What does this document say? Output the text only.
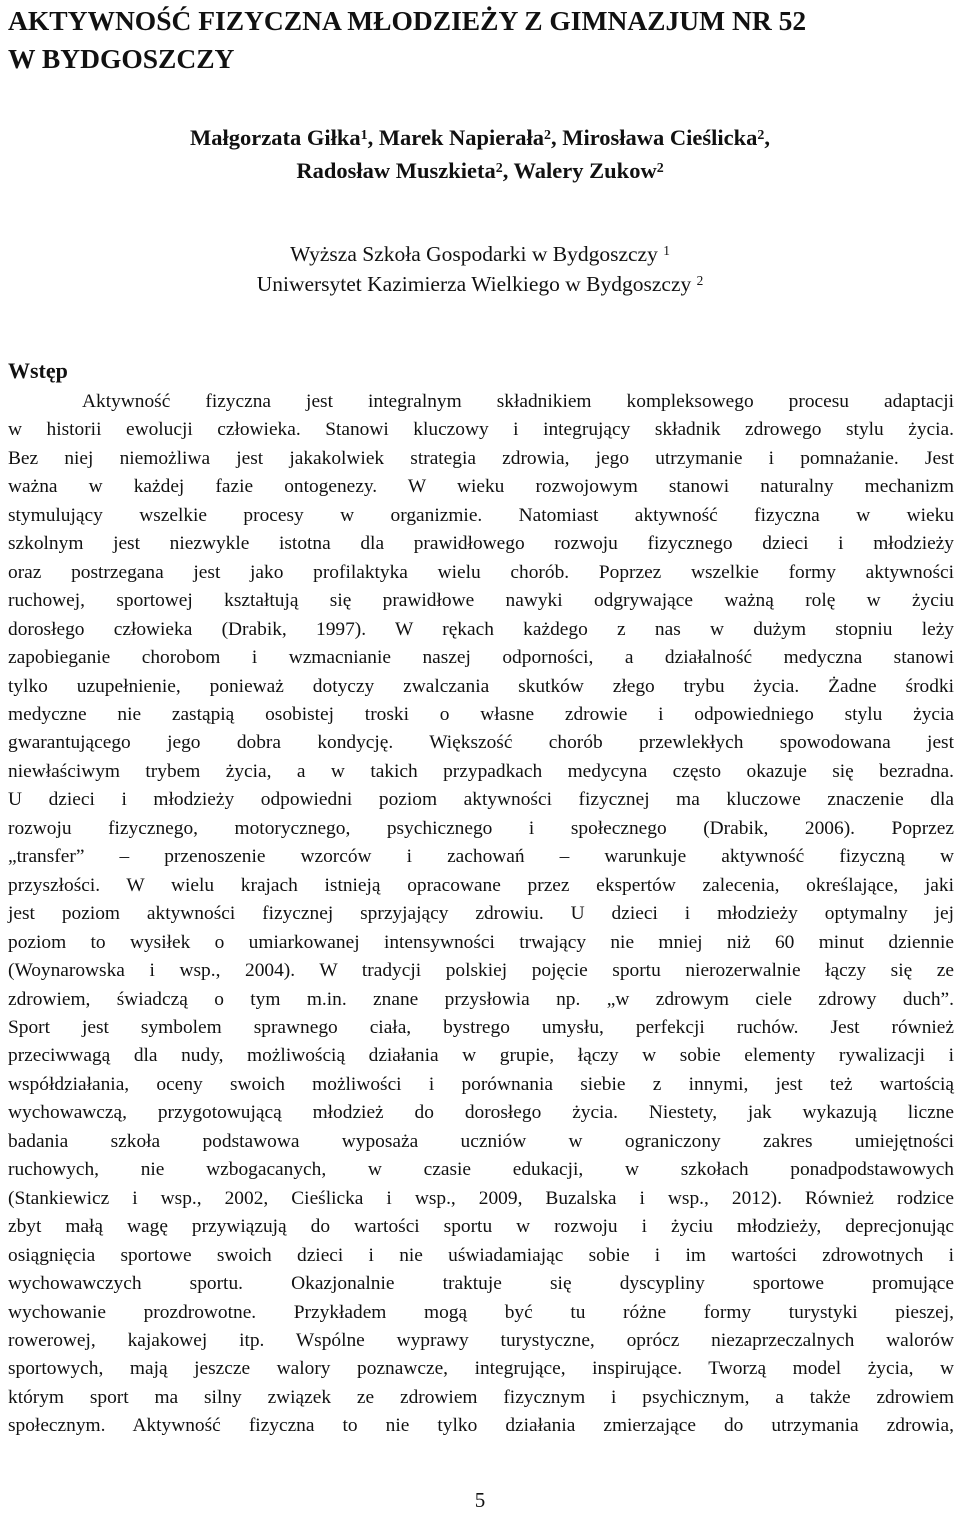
AKTYWNOŚĆ FIZYCZNA MŁODZIEŻY Z GIMNAZJUM NR 52
W BYDGOSZCZY
Małgorzata Giłka$^1$, Marek Napierała$^2$, Mirosława Cieślicka$^2$,
Radosław Muszkieta$^2$, Walery Zukow$^2$
Wyższa Szkoła Gospodarki w Bydgoszczy $^1$
Uniwersytet Kazimierza Wielkiego w Bydgoszczy $^2$
Wstęp
Aktywność fizyczna jest integralnym składnikiem kompleksowego procesu adaptacji
w historii ewolucji człowieka. Stanowi kluczowy i integrujący składnik zdrowego stylu życia.
Bez niej niemożliwa jest jakakolwiek strategia zdrowia, jego utrzymanie i pomnażanie. Jest
ważna w każdej fazie ontogenezy. W wieku rozwojowym stanowi naturalny mechanizm
stymulujący wszelkie procesy w organizmie. Natomiast aktywność fizyczna w wieku
szkolnym jest niezwykle istotna dla prawidłowego rozwoju fizycznego dzieci i młodzieży
oraz postrzegana jest jako profilaktyka wielu chorób. Poprzez wszelkie formy aktywności
ruchowej, sportowej kształtują się prawidłowe nawyki odgrywające ważną rolę w życiu
dorosłego człowieka (Drabik, 1997). W rękach każdego z nas w dużym stopniu leży
zapobieganie chorobom i wzmacnianie naszej odporności, a działalność medyczna stanowi
tylko uzupełnienie, ponieważ dotyczy zwalczania skutków złego trybu życia. Żadne środki
medyczne nie zastąpią osobistej troski o własne zdrowie i odpowiedniego stylu życia
gwarantującego jego dobra kondycję. Większość chorób przewlekłych spowodowana jest
niewłaściwym trybem życia, a w takich przypadkach medycyna często okazuje się bezradna.
U dzieci i młodzieży odpowiedni poziom aktywności fizycznej ma kluczowe znaczenie dla
rozwoju fizycznego, motorycznego, psychicznego i społecznego (Drabik, 2006). Poprzez
„transfer” – przenoszenie wzorców i zachowań – warunkuje aktywność fizyczną w
przyszłości. W wielu krajach istnieją opracowane przez ekspertów zalecenia, określające, jaki
jest poziom aktywności fizycznej sprzyjający zdrowiu. U dzieci i młodzieży optymalny jej
poziom to wysiłek o umiarkowanej intensywności trwający nie mniej niż 60 minut dziennie
(Woynarowska i wsp., 2004). W tradycji polskiej pojęcie sportu nierozerwalnie łączy się ze
zdrowiem, świadczą o tym m.in. znane przysłowia np. „w zdrowym ciele zdrowy duch”.
Sport jest symbolem sprawnego ciała, bystrego umysłu, perfekcji ruchów. Jest również
przeciwwagą dla nudy, możliwością działania w grupie, łączy w sobie elementy rywalizacji i
współdziałania, oceny swoich możliwości i porównania siebie z innymi, jest też wartością
wychowawczą, przygotowującą młodzież do dorosłego życia. Niestety, jak wykazują liczne
badania szkoła podstawowa wyposaża uczniów w ograniczony zakres umiejętności
ruchowych, nie wzbogacanych, w czasie edukacji, w szkołach ponadpodstawowych
(Stankiewicz i wsp., 2002, Cieślicka i wsp., 2009, Buzalska i wsp., 2012). Również rodzice
zbyt małą wagę przywiązują do wartości sportu w rozwoju i życiu młodzieży, deprecjonując
osiągnięcia sportowe swoich dzieci i nie uświadamiając sobie i im wartości zdrowotnych i
wychowawczych sportu. Okazjonalnie traktuje się dyscypliny sportowe promujące
wychowanie prozdrowotne. Przykładem mogą być tu różne formy turystyki pieszej,
rowerowej, kajakowej itp. Wspólne wyprawy turystyczne, oprócz niezaprzeczalnych walorów
sportowych, mają jeszcze walory poznawcze, integrujące, inspirujące. Tworzą model życia, w
którym sport ma silny związek ze zdrowiem fizycznym i psychicznym, a także zdrowiem
społecznym. Aktywność fizyczna to nie tylko działania zmierzające do utrzymania zdrowia,
5
